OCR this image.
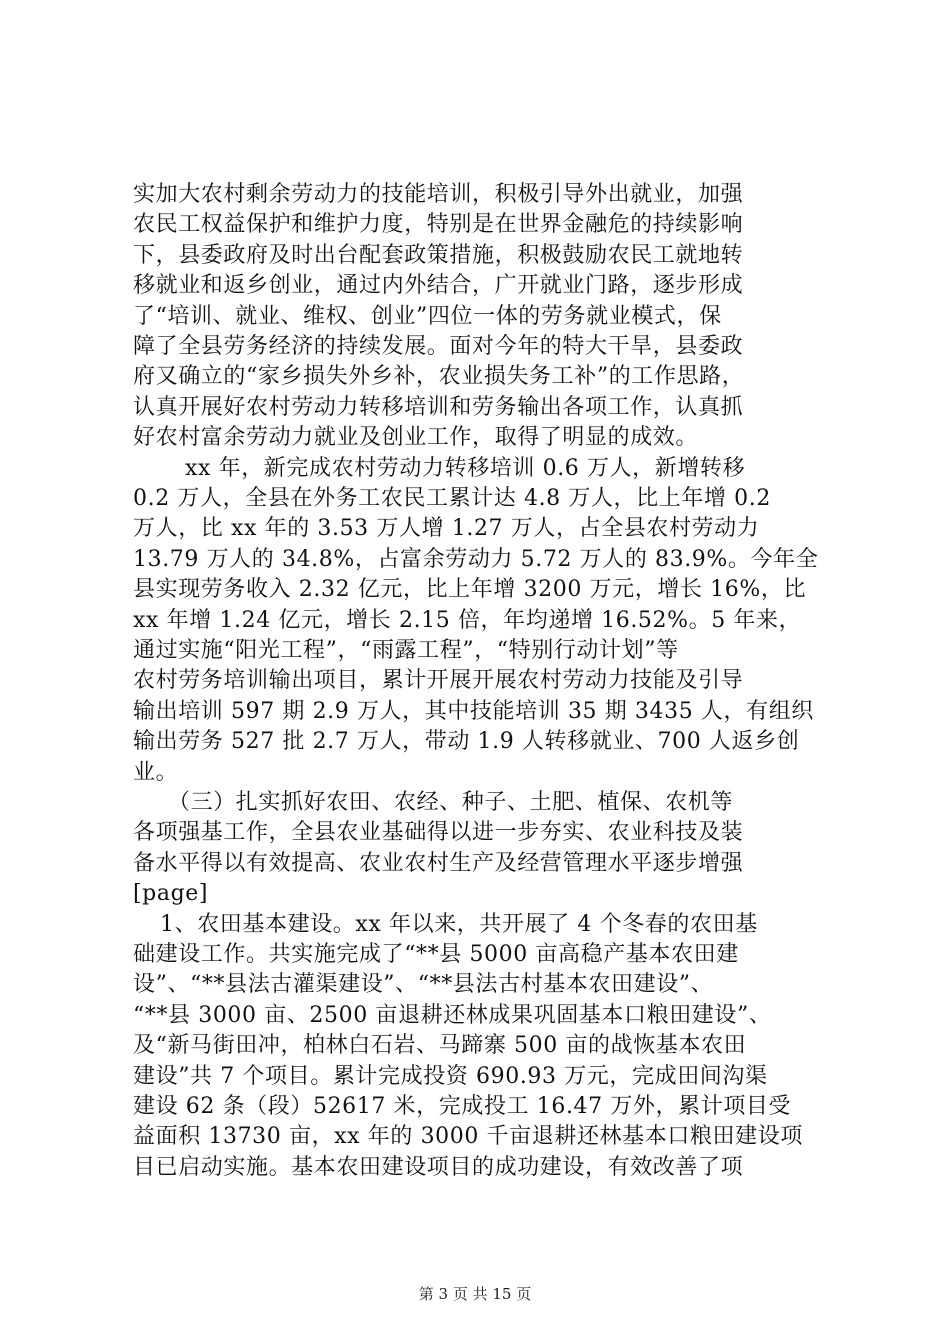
实加大农村剩余劳动力的技能培训，积极引导外出就业，加强
农民工权益保护和维护力度，特别是在世界金融危的持续影响
下，县委政府及时出台配套政策措施，积极鼓励农民工就地转
移就业和返乡创业，通过内外结合，广开就业门路，逐步形成
了“培训、就业、维权、创业”四位一体的劳务就业模式，保
障了全县劳务经济的持续发展。面对今年的特大干旱，县委政
府又确立的“家乡损失外乡补，农业损失务工补”的工作思路，
认真开展好农村劳动力转移培训和劳务输出各项工作，认真抓
好农村富余劳动力就业及创业工作，取得了明显的成效。
xx 年，新完成农村劳动力转移培训 0.6 万人，新增转移
0.2 万人，全县在外务工农民工累计达 4.8 万人，比上年增 0.2
万人，比 xx 年的 3.53 万人增 1.27 万人，占全县农村劳动力
13.79 万人的 34.8%，占富余劳动力 5.72 万人的 83.9%。今年全
县实现劳务收入 2.32 亿元，比上年增 3200 万元，增长 16%，比
xx 年增 1.24 亿元，增长 2.15 倍，年均递增 16.52%。5 年来，
通过实施“阳光工程”，“雨露工程”，“特别行动计划”等
农村劳务培训输出项目，累计开展开展农村劳动力技能及引导
输出培训 597 期 2.9 万人，其中技能培训 35 期 3435 人，有组织
输出劳务 527 批 2.7 万人，带动 1.9 人转移就业、700 人返乡创
业。
（三）扎实抓好农田、农经、种子、土肥、植保、农机等
各项强基工作，全县农业基础得以进一步夯实、农业科技及装
备水平得以有效提高、农业农村生产及经营管理水平逐步增强
[page]
1、农田基本建设。xx 年以来，共开展了 4 个冬春的农田基
础建设工作。共实施完成了“**县 5000 亩高稳产基本农田建
设”、“**县法古灌渠建设”、“**县法古村基本农田建设”、
“**县 3000 亩、2500 亩退耕还林成果巩固基本口粮田建设”、
及“新马街田冲，柏林白石岩、马蹄寨 500 亩的战恢基本农田
建设”共 7 个项目。累计完成投资 690.93 万元，完成田间沟渠
建设 62 条（段）52617 米，完成投工 16.47 万外，累计项目受
益面积 13730 亩，xx 年的 3000 千亩退耕还林基本口粮田建设项
目已启动实施。基本农田建设项目的成功建设，有效改善了项
第 3 页 共 15 页
